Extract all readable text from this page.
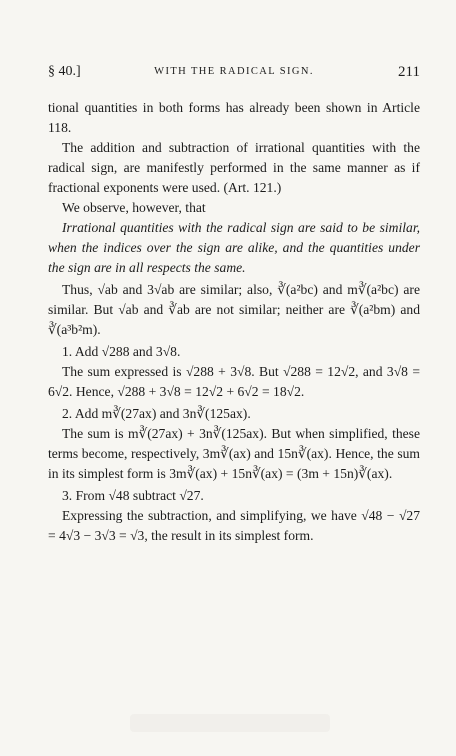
§ 40.]	WITH THE RADICAL SIGN.	211

tional quantities in both forms has already been shown in Article 118.

The addition and subtraction of irrational quantities with the radical sign, are manifestly performed in the same manner as if fractional exponents were used. (Art. 121.)

We observe, however, that

Irrational quantities with the radical sign are said to be similar, when the indices over the sign are alike, and the quantities under the sign are in all respects the same.

Thus, √ab and 3√ab are similar; also, ∛(a²bc) and m∛(a²bc) are similar. But √ab and ∛ab are not similar; neither are ∛(a²bm) and ∛(a³b²m).

1. Add √288 and 3√8.

The sum expressed is √288 + 3√8. But √288 = 12√2, and 3√8 = 6√2. Hence, √288 + 3√8 = 12√2 + 6√2 = 18√2.

2. Add m∛(27ax) and 3n∛(125ax).

The sum is m∛(27ax) + 3n∛(125ax). But when simplified, these terms become, respectively, 3m∛(ax) and 15n∛(ax). Hence, the sum in its simplest form is 3m∛(ax) + 15n∛(ax) = (3m + 15n)∛(ax).

3. From √48 subtract √27.

Expressing the subtraction, and simplifying, we have √48 − √27 = 4√3 − 3√3 = √3, the result in its simplest form.
